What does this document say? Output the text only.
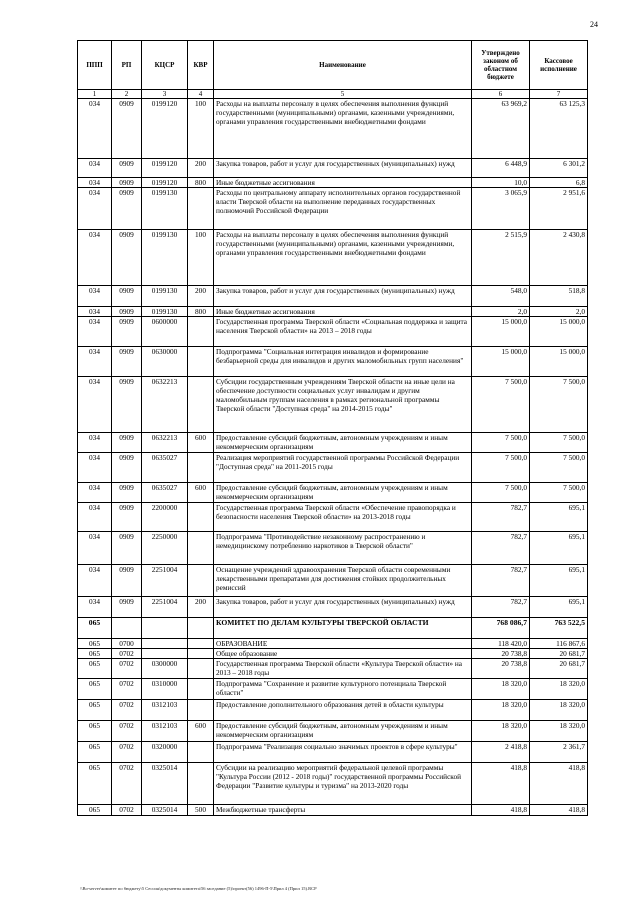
24
ППП	РП	КЦСР	КВР	Наименование	Утверждено законом об областном бюджете	Кассовое исполнение
1	2	3	4	5	6	7
034	0909	0199120	100	Расходы на выплаты персоналу в целях обеспечения выполнения функций государственными (муниципальными) органами, казенными учреждениями, органами управления государственными внебюджетными фондами	63 969,2	63 125,3
034	0909	0199120	200	Закупка товаров, работ и услуг для государственных (муниципальных) нужд	6 448,9	6 301,2
034	0909	0199120	800	Иные бюджетные ассигнования	10,0	6,8
034	0909	0199130		Расходы по центральному аппарату исполнительных органов государственной власти Тверской области на выполнение переданных государственных полномочий Российской Федерации	3 065,9	2 951,6
034	0909	0199130	100	Расходы на выплаты персоналу в целях обеспечения выполнения функций государственными (муниципальными) органами, казенными учреждениями, органами управления государственными внебюджетными фондами	2 515,9	2 430,8
034	0909	0199130	200	Закупка товаров, работ и услуг для государственных (муниципальных) нужд	548,0	518,8
034	0909	0199130	800	Иные бюджетные ассигнования	2,0	2,0
034	0909	0600000		Государственная программа Тверской области «Социальная поддержка и защита населения Тверской области» на 2013 – 2018 годы	15 000,0	15 000,0
034	0909	0630000		Подпрограмма "Социальная интеграция инвалидов и формирование безбарьерной среды для инвалидов и других маломобильных групп населения"	15 000,0	15 000,0
034	0909	0632213		Субсидии государственным учреждениям Тверской области на иные цели на обеспечение доступности социальных услуг инвалидам и другим маломобильным группам населения в рамках региональной программы Тверской области "Доступная среда" на 2014-2015 годы"	7 500,0	7 500,0
034	0909	0632213	600	Предоставление субсидий бюджетным, автономным учреждениям и иным некоммерческим организациям	7 500,0	7 500,0
034	0909	0635027		Реализация мероприятий государственной программы Российской Федерации "Доступная среда" на 2011-2015 годы	7 500,0	7 500,0
034	0909	0635027	600	Предоставление субсидий бюджетным, автономным учреждениям и иным некоммерческим организациям	7 500,0	7 500,0
034	0909	2200000		Государственная программа Тверской области «Обеспечение правопорядка и безопасности населения Тверской области» на 2013-2018 годы	782,7	695,1
034	0909	2250000		Подпрограмма "Противодействие незаконному распространению и немедицинскому потреблению наркотиков в Тверской области"	782,7	695,1
034	0909	2251004		Оснащение учреждений здравоохранения Тверской области современными лекарственными препаратами для достижения стойких продолжительных ремиссий	782,7	695,1
034	0909	2251004	200	Закупка товаров, работ и услуг для государственных (муниципальных) нужд	782,7	695,1
065				КОМИТЕТ ПО ДЕЛАМ КУЛЬТУРЫ ТВЕРСКОЙ ОБЛАСТИ	768 086,7	763 522,5
065	0700			ОБРАЗОВАНИЕ	118 420,0	116 867,6
065	0702			Общее образование	20 738,8	20 681,7
065	0702	0300000		Государственная программа Тверской области «Культура Тверской области» на 2013 – 2018 годы	20 738,8	20 681,7
065	0702	0310000		Подпрограмма "Сохранение и развитие культурного потенциала Тверской области"	18 320,0	18 320,0
065	0702	0312103		Предоставление дополнительного образования детей в области культуры	18 320,0	18 320,0
065	0702	0312103	600	Предоставление субсидий бюджетным, автономным учреждениям и иным некоммерческим организациям	18 320,0	18 320,0
065	0702	0320000		Подпрограмма "Реализация социально значимых проектов в сфере культуры"	2 418,8	2 361,7
065	0702	0325014		Субсидии на реализацию мероприятий федеральной целевой программы "Культура России (2012 - 2018 годы)" государственной программы Российской Федерации "Развитие культуры и туризма" на 2013-2020 годы	418,8	418,8
065	0702	0325014	500	Межбюджетные трансферты	418,8	418,8
\\Bo-server\комитет по бюджету\5 Сессия\документы комитета\56 заседание (5)\проект(56) 1496-П-5\Прил 4 (Прил 15).RCP
